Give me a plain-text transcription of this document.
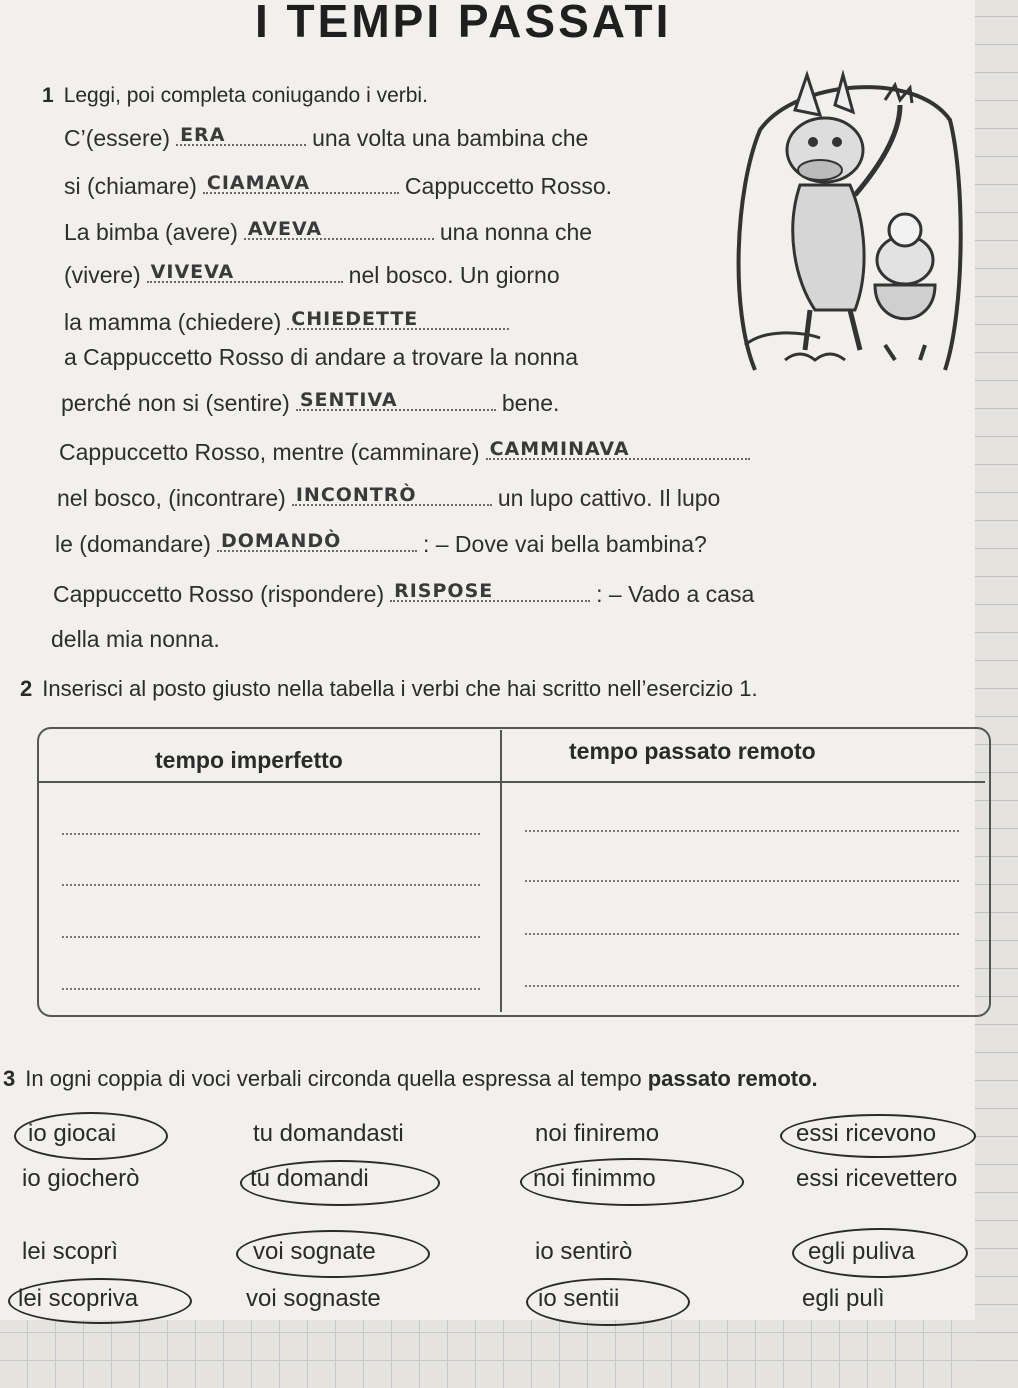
I TEMPI PASSATI
1 Leggi, poi completa coniugando i verbi.
C’(essere) ERA	una volta una bambina che
si (chiamare) CIAMAVA	Cappuccetto Rosso.
La bimba (avere) AVEVA	una nonna che
(vivere) VIVEVA	nel bosco. Un giorno
la mamma (chiedere) CHIEDETTE
a Cappuccetto Rosso di andare a trovare la nonna
perché non si (sentire) SENTIVA	bene.
Cappuccetto Rosso, mentre (camminare) CAMMINAVA
nel bosco, (incontrare) INCONTRÒ	un lupo cattivo. Il lupo
le (domandare) DOMANDÒ	: – Dove vai bella bambina?
Cappuccetto Rosso (rispondere) RISPOSE	: – Vado a casa
della mia nonna.
2 Inserisci al posto giusto nella tabella i verbi che hai scritto nell’esercizio 1.
tempo imperfetto	tempo passato remoto
3 In ogni coppia di voci verbali circonda quella espressa al tempo passato remoto.
io giocai	tu domandasti	noi finiremo	essi ricevono
io giocherò	tu domandi	noi finimmo	essi ricevettero
lei scoprì	voi sognate	io sentirò	egli puliva
lei scopriva	voi sognaste	io sentii	egli pulì
